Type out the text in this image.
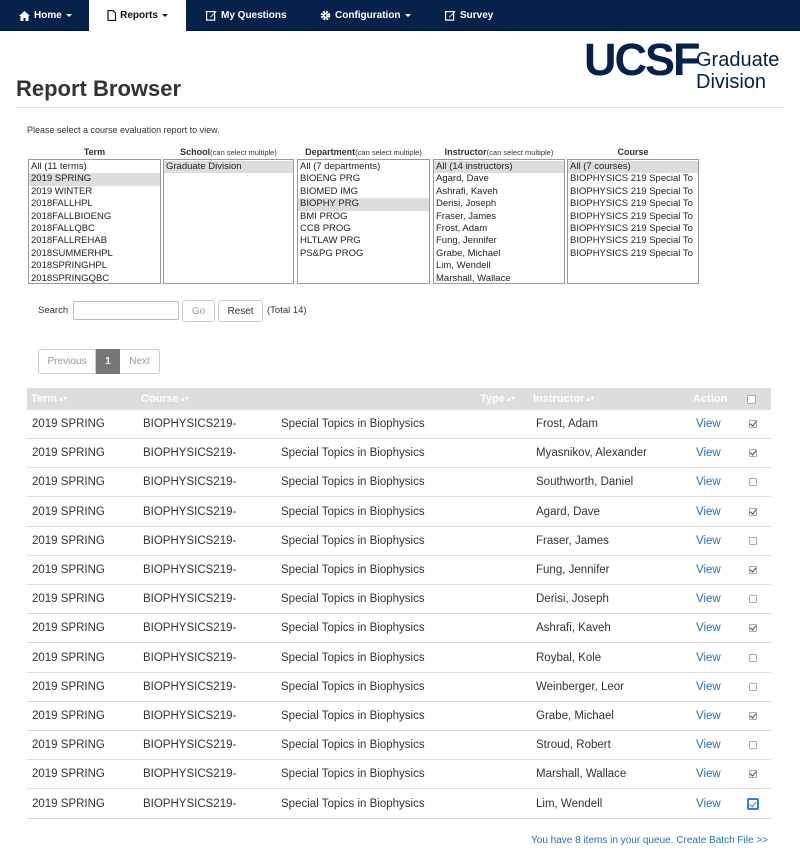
Home	Reports	My Questions	Configuration	Survey
Report Browser
UCSF
Graduate
Division
Please select a course evaluation report to view.
Term
All (11 terms)
2019 SPRING
2019 WINTER
2018FALLHPL
2018FALLBIOENG
2018FALLQBC
2018FALLREHAB
2018SUMMERHPL
2018SPRINGHPL
2018SPRINGQBC
School(can select multiple)
Graduate Division
Department(can select multiple)
All (7 departments)
BIOENG PRG
BIOMED IMG
BIOPHY PRG
BMI PROG
CCB PROG
HLTLAW PRG
PS&PG PROG
Instructor(can select multiple)
All (14 instructors)
Agard, Dave
Ashrafi, Kaveh
Derisi, Joseph
Fraser, James
Frost, Adam
Fung, Jennifer
Grabe, Michael
Lim, Wendell
Marshall, Wallace
Course
All (7 courses)
BIOPHYSICS 219 Special To
BIOPHYSICS 219 Special To
BIOPHYSICS 219 Special To
BIOPHYSICS 219 Special To
BIOPHYSICS 219 Special To
BIOPHYSICS 219 Special To
BIOPHYSICS 219 Special To
Search	Go	Reset	(Total 14)
Previous	1	Next
Term ▴▾	Course ▴▾	Type ▴▾ Instructor ▴▾	Action
2019 SPRING	BIOPHYSICS219-	Special Topics in Biophysics	Frost, Adam	View
2019 SPRING	BIOPHYSICS219-	Special Topics in Biophysics	Myasnikov, Alexander	View
2019 SPRING	BIOPHYSICS219-	Special Topics in Biophysics	Southworth, Daniel	View
2019 SPRING	BIOPHYSICS219-	Special Topics in Biophysics	Agard, Dave	View
2019 SPRING	BIOPHYSICS219-	Special Topics in Biophysics	Fraser, James	View
2019 SPRING	BIOPHYSICS219-	Special Topics in Biophysics	Fung, Jennifer	View
2019 SPRING	BIOPHYSICS219-	Special Topics in Biophysics	Derisi, Joseph	View
2019 SPRING	BIOPHYSICS219-	Special Topics in Biophysics	Ashrafi, Kaveh	View
2019 SPRING	BIOPHYSICS219-	Special Topics in Biophysics	Roybal, Kole	View
2019 SPRING	BIOPHYSICS219-	Special Topics in Biophysics	Weinberger, Leor	View
2019 SPRING	BIOPHYSICS219-	Special Topics in Biophysics	Grabe, Michael	View
2019 SPRING	BIOPHYSICS219-	Special Topics in Biophysics	Stroud, Robert	View
2019 SPRING	BIOPHYSICS219-	Special Topics in Biophysics	Marshall, Wallace	View
2019 SPRING	BIOPHYSICS219-	Special Topics in Biophysics	Lim, Wendell	View
You have 8 items in your queue. Create Batch File >>
